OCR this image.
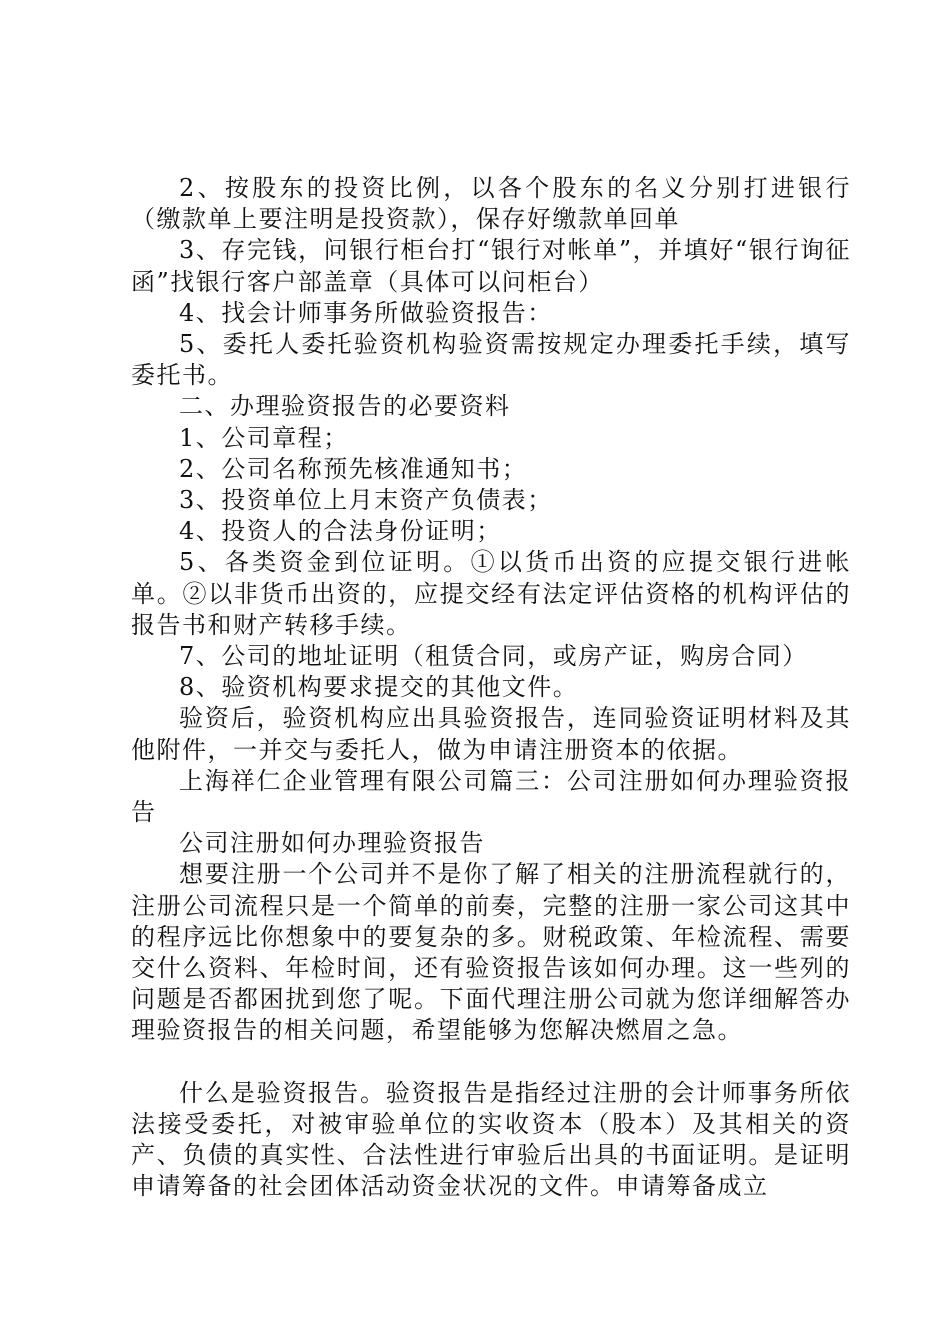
2、按股东的投资比例，以各个股东的名义分别打进银行（缴款单上要注明是投资款），保存好缴款单回单

3、存完钱，问银行柜台打“银行对帐单”，并填好“银行询征函”找银行客户部盖章（具体可以问柜台）

4、找会计师事务所做验资报告：

5、委托人委托验资机构验资需按规定办理委托手续，填写委托书。

二、办理验资报告的必要资料

1、公司章程；

2、公司名称预先核准通知书；

3、投资单位上月末资产负债表；

4、投资人的合法身份证明；

5、各类资金到位证明。①以货币出资的应提交银行进帐单。②以非货币出资的，应提交经有法定评估资格的机构评估的报告书和财产转移手续。

7、公司的地址证明（租赁合同，或房产证，购房合同）

8、验资机构要求提交的其他文件。

验资后，验资机构应出具验资报告，连同验资证明材料及其他附件，一并交与委托人，做为申请注册资本的依据。

上海祥仁企业管理有限公司篇三：公司注册如何办理验资报告

公司注册如何办理验资报告

想要注册一个公司并不是你了解了相关的注册流程就行的，注册公司流程只是一个简单的前奏，完整的注册一家公司这其中的程序远比你想象中的要复杂的多。财税政策、年检流程、需要交什么资料、年检时间，还有验资报告该如何办理。这一些列的问题是否都困扰到您了呢。下面代理注册公司就为您详细解答办理验资报告的相关问题，希望能够为您解决燃眉之急。

什么是验资报告。验资报告是指经过注册的会计师事务所依法接受委托，对被审验单位的实收资本（股本）及其相关的资产、负债的真实性、合法性进行审验后出具的书面证明。是证明申请筹备的社会团体活动资金状况的文件。申请筹备成立
